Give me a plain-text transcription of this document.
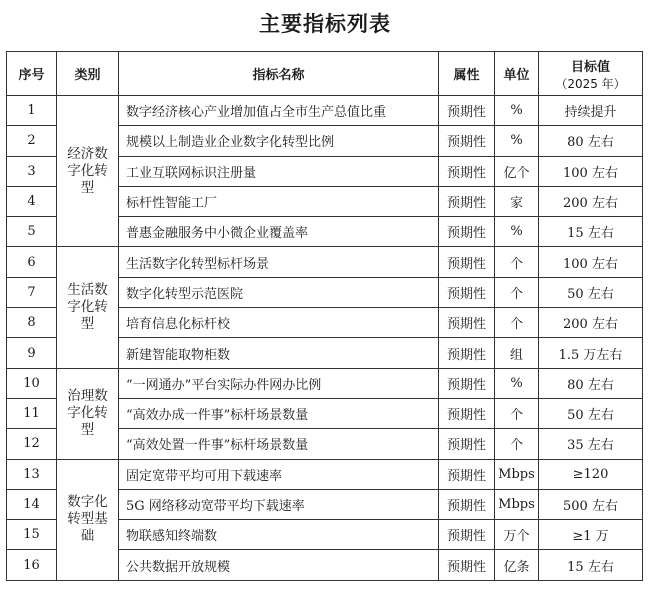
主要指标列表
序号	类别	指标名称	属性	单位	目标值
（2025 年）

1	经济数字化转型	数字经济核心产业增加值占全市生产总值比重	预期性	%	持续提升
2		规模以上制造业企业数字化转型比例	预期性	%	80 左右
3		工业互联网标识注册量	预期性	亿个	100 左右
4		标杆性智能工厂	预期性	家	200 左右
5		普惠金融服务中小微企业覆盖率	预期性	%	15 左右
6	生活数字化转型	生活数字化转型标杆场景	预期性	个	100 左右
7		数字化转型示范医院	预期性	个	50 左右
8		培育信息化标杆校	预期性	个	200 左右
9		新建智能取物柜数	预期性	组	1.5 万左右
10	治理数字化转型	“一网通办”平台实际办件网办比例	预期性	%	80 左右
11		“高效办成一件事”标杆场景数量	预期性	个	50 左右
12		“高效处置一件事”标杆场景数量	预期性	个	35 左右
13	数字化转型基础	固定宽带平均可用下载速率	预期性	Mbps	≥120
14		5G 网络移动宽带平均下载速率	预期性	Mbps	500 左右
15		物联感知终端数	预期性	万个	≥1 万
16		公共数据开放规模	预期性	亿条	15 左右
